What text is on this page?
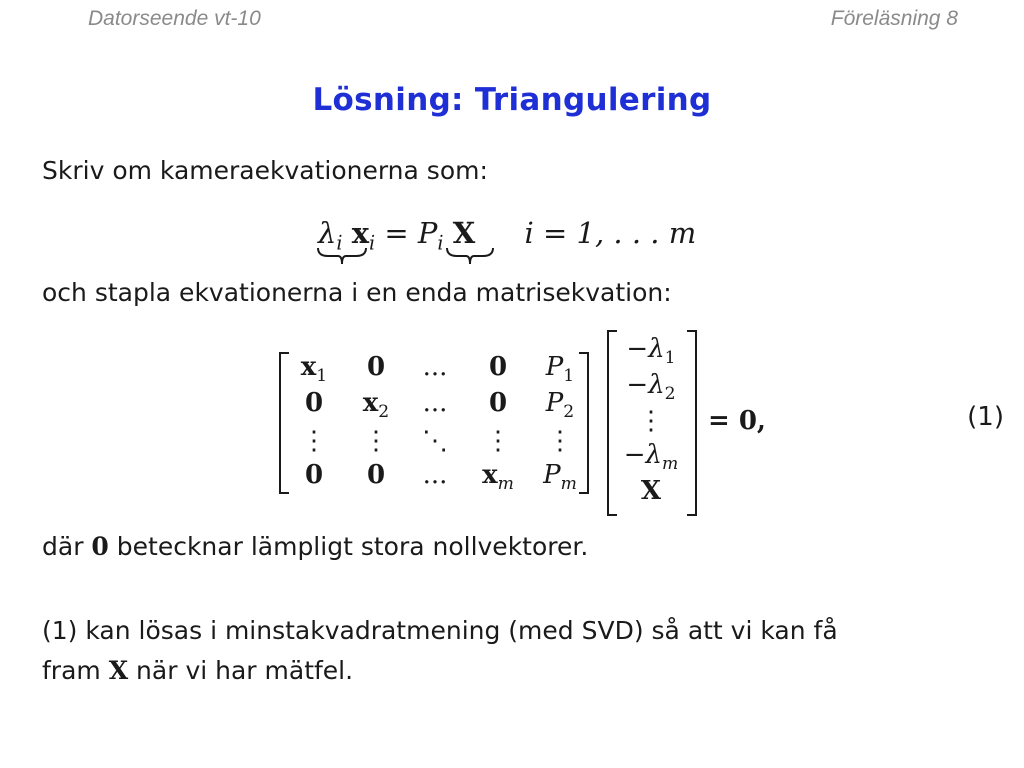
Datorseende vt-10	Föreläsning 8
Lösning: Triangulering
Skriv om kameraekvationerna som:
$\lambda_i$ $x_i = P_i$ X i = 1, . . . m
och stapla ekvationerna i en enda matrisekvation:
$x_1$	0	...	0	$P_1$
0	$x_2$	...	0	$P_2$
⋮	⋮	⋱	⋮	⋮
0	0	...	$x_m$	$P_m$
$-\lambda_1$
$-\lambda_2$
⋮
$-\lambda_m$
X
= 0,	(1)
där 0 betecknar lämpligt stora nollvektorer.
(1) kan lösas i minstakvadratmening (med SVD) så att vi kan få
fram X när vi har mätfel.
